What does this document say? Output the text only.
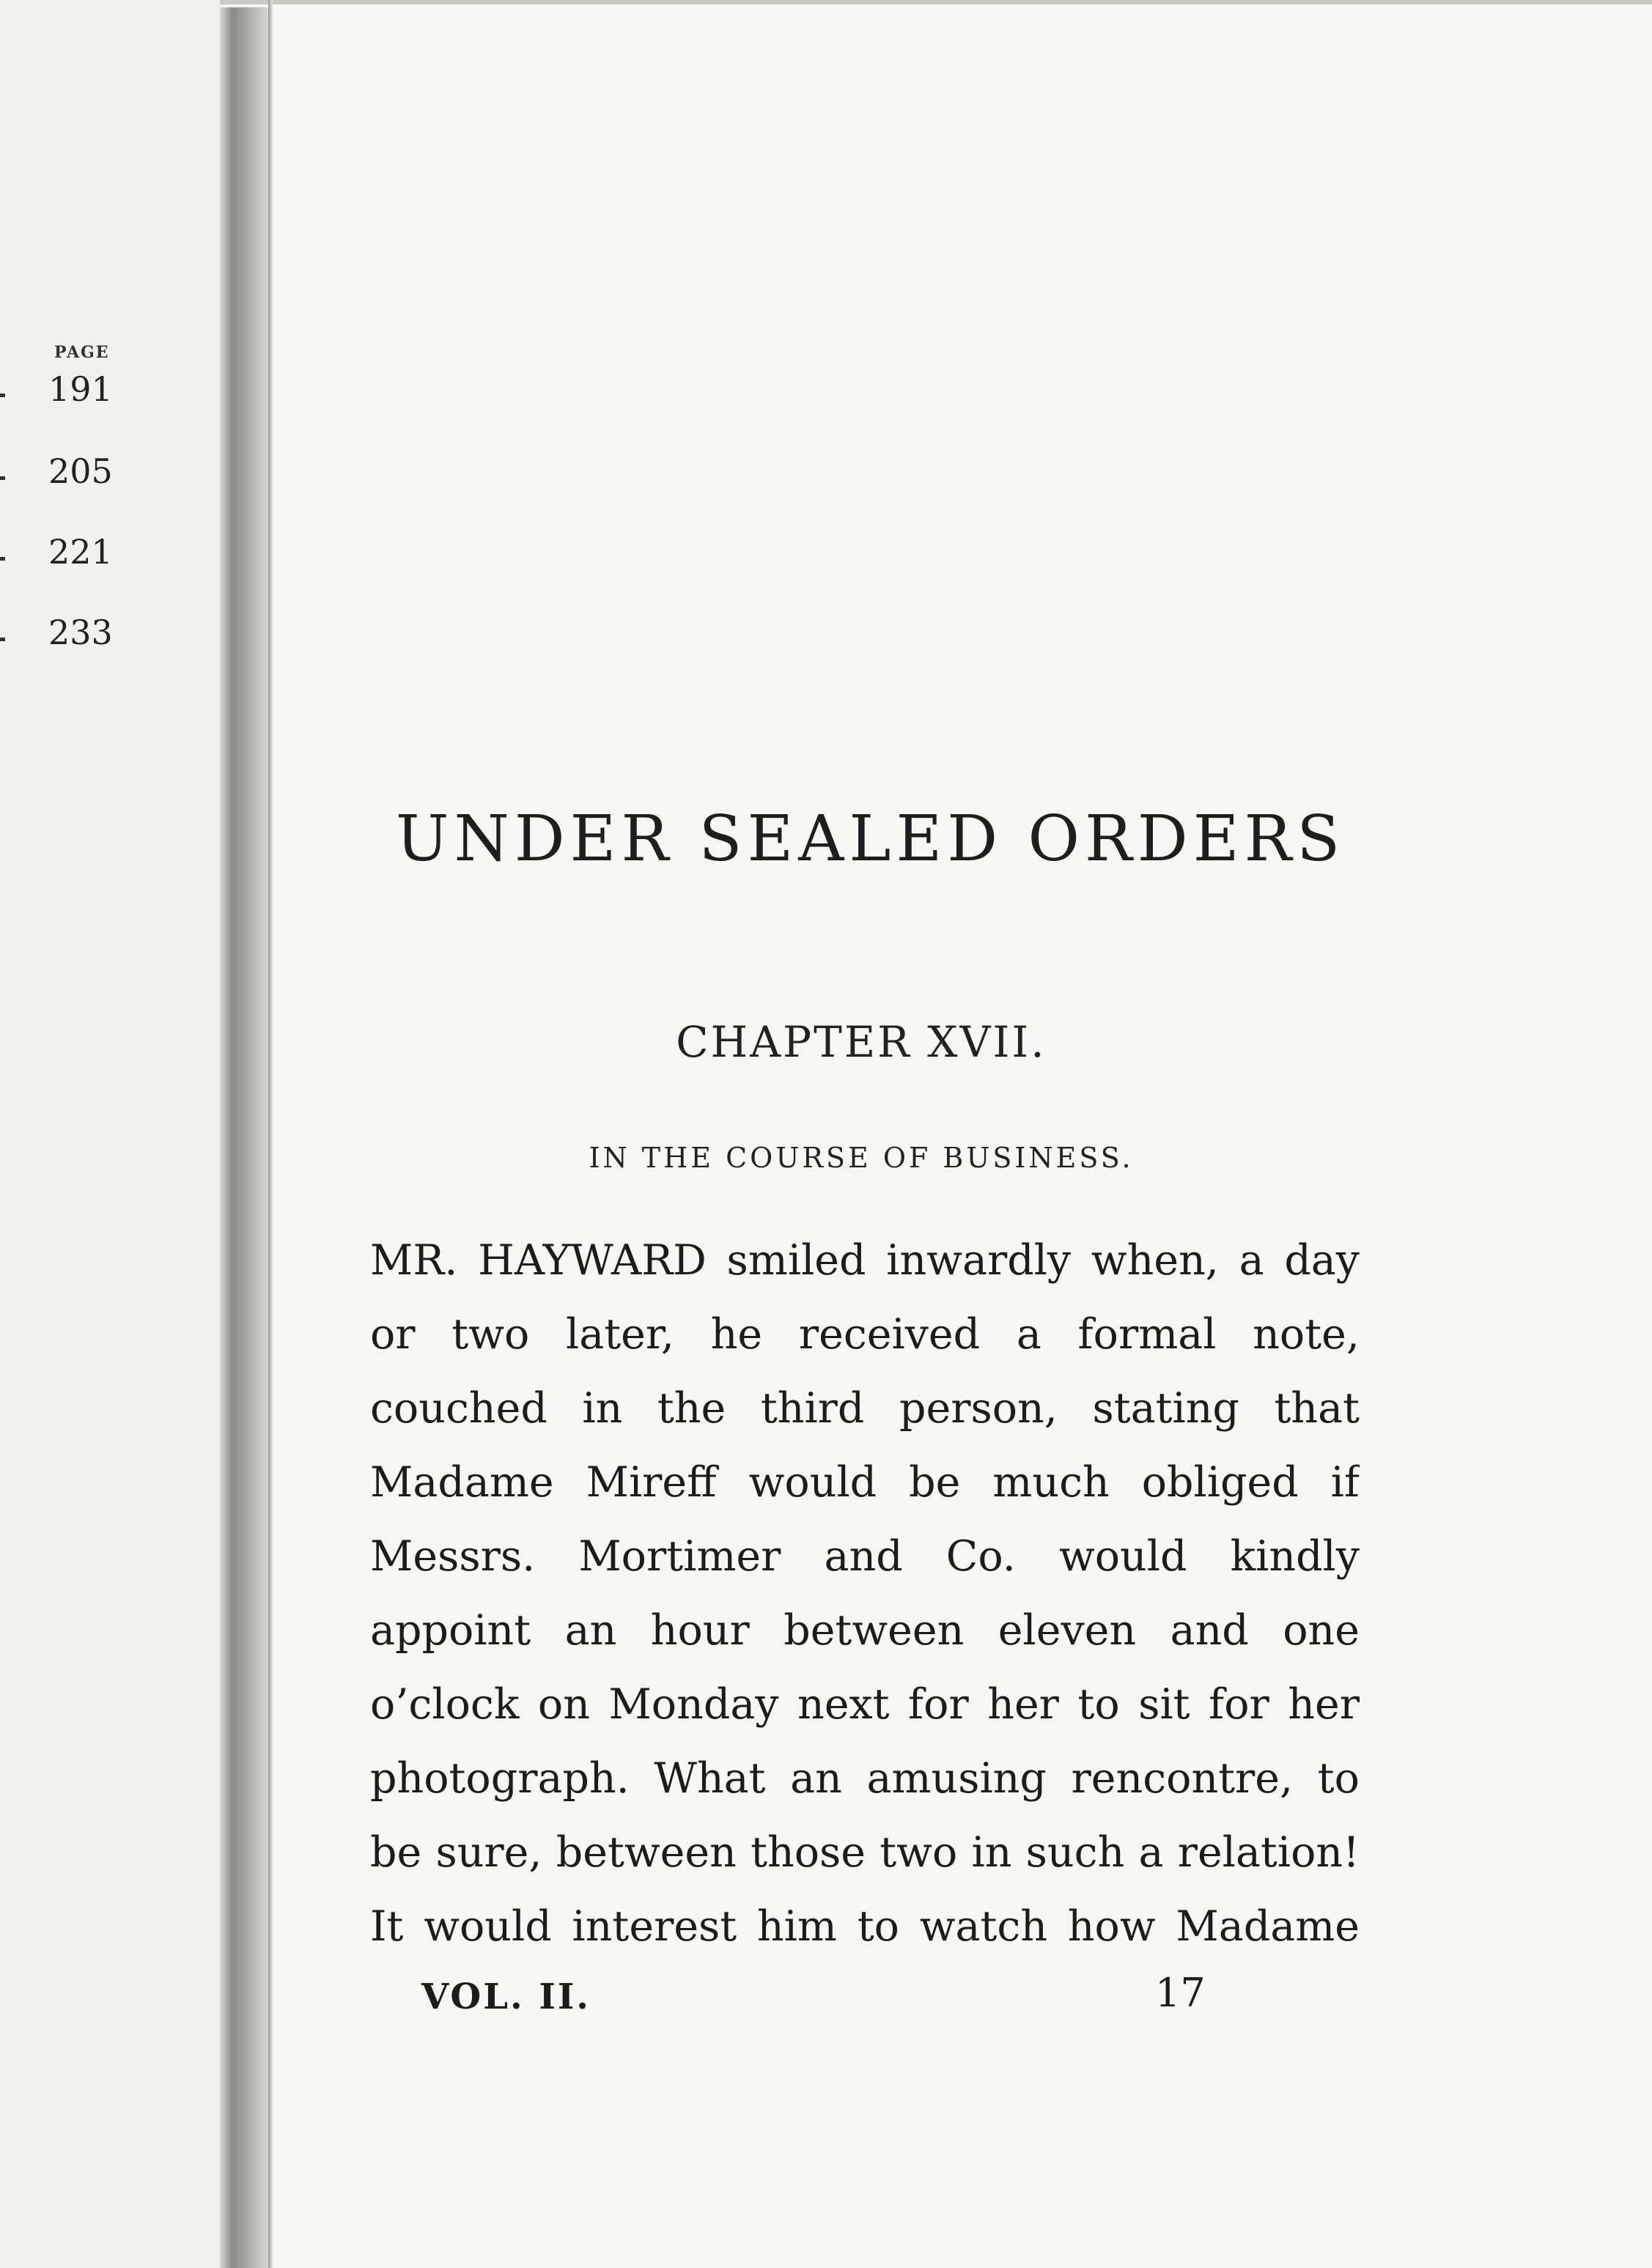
PAGE
191
205
221
233
UNDER SEALED ORDERS
CHAPTER XVII.
IN THE COURSE OF BUSINESS.
MR. HAYWARD smiled inwardly when, a day
or two later, he received a formal note,
couched in the third person, stating that
Madame Mireff would be much obliged if
Messrs. Mortimer and Co. would kindly
appoint an hour between eleven and one
o’clock on Monday next for her to sit for her
photograph. What an amusing rencontre, to
be sure, between those two in such a relation!
It would interest him to watch how Madame
VOL. II.	17
